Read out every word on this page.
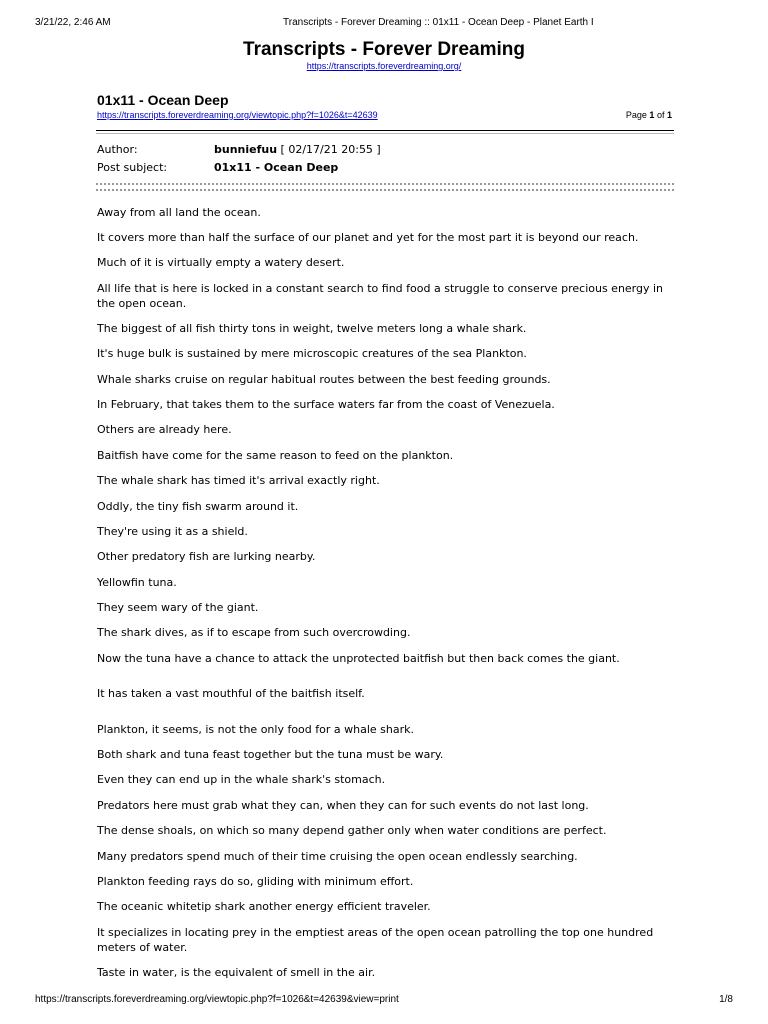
3/21/22, 2:46 AM	Transcripts - Forever Dreaming :: 01x11 - Ocean Deep - Planet Earth I
Transcripts - Forever Dreaming
https://transcripts.foreverdreaming.org/
01x11 - Ocean Deep
https://transcripts.foreverdreaming.org/viewtopic.php?f=1026&t=42639	Page 1 of 1
Author:	bunniefuu [ 02/17/21 20:55 ]
Post subject:	01x11 - Ocean Deep

Away from all land the ocean.

It covers more than half the surface of our planet and yet for the most part it is beyond our reach.

Much of it is virtually empty a watery desert.

All life that is here is locked in a constant search to find food a struggle to conserve precious energy in the open ocean.

The biggest of all fish thirty tons in weight, twelve meters long a whale shark.

It's huge bulk is sustained by mere microscopic creatures of the sea Plankton.

Whale sharks cruise on regular habitual routes between the best feeding grounds.

In February, that takes them to the surface waters far from the coast of Venezuela.

Others are already here.

Baitfish have come for the same reason to feed on the plankton.

The whale shark has timed it's arrival exactly right.

Oddly, the tiny fish swarm around it.

They're using it as a shield.

Other predatory fish are lurking nearby.

Yellowfin tuna.

They seem wary of the giant.

The shark dives, as if to escape from such overcrowding.

Now the tuna have a chance to attack the unprotected baitfish but then back comes the giant.

It has taken a vast mouthful of the baitfish itself.

Plankton, it seems, is not the only food for a whale shark.

Both shark and tuna feast together but the tuna must be wary.

Even they can end up in the whale shark's stomach.

Predators here must grab what they can, when they can for such events do not last long.

The dense shoals, on which so many depend gather only when water conditions are perfect.

Many predators spend much of their time cruising the open ocean endlessly searching.

Plankton feeding rays do so, gliding with minimum effort.

The oceanic whitetip shark another energy efficient traveler.

It specializes in locating prey in the emptiest areas of the open ocean patrolling the top one hundred meters of water.

Taste in water, is the equivalent of smell in the air.

https://transcripts.foreverdreaming.org/viewtopic.php?f=1026&t=42639&view=print	1/8
